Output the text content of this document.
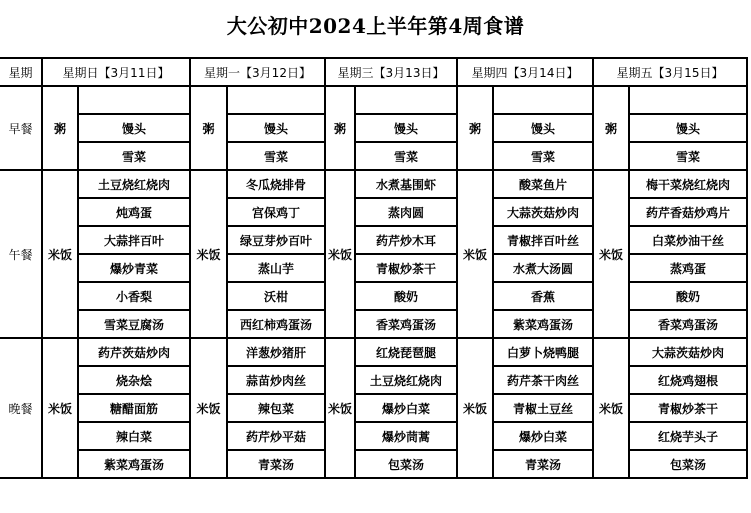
大公初中2024上半年第4周食谱
星期	星期日【3月11日】		星期一【3月12日】		星期三【3月13日】		星期四【3月14日】		星期五【3月15日】	
早餐	粥		粥		粥		粥		粥	
		馒头		馒头		馒头		馒头		馒头
		雪菜		雪菜		雪菜		雪菜		雪菜
午餐	米饭	土豆烧红烧肉	米饭	冬瓜烧排骨	米饭	水煮基围虾	米饭	酸菜鱼片	米饭	梅干菜烧红烧肉
		炖鸡蛋		宫保鸡丁		蒸肉圆		大蒜茨菇炒肉		药芹香菇炒鸡片
		大蒜拌百叶		绿豆芽炒百叶		药芹炒木耳		青椒拌百叶丝		白菜炒油干丝
		爆炒青菜		蒸山芋		青椒炒茶干		水煮大汤圆		蒸鸡蛋
		小香梨		沃柑		酸奶		香蕉		酸奶
		雪菜豆腐汤		西红柿鸡蛋汤		香菜鸡蛋汤		紫菜鸡蛋汤		香菜鸡蛋汤
晚餐	米饭	药芹茨菇炒肉	米饭	洋葱炒猪肝	米饭	红烧琵琶腿	米饭	白萝卜烧鸭腿	米饭	大蒜茨菇炒肉
		烧杂烩		蒜苗炒肉丝		土豆烧红烧肉		药芹茶干肉丝		红烧鸡翅根
		糖醋面筋		辣包菜		爆炒白菜		青椒土豆丝		青椒炒茶干
		辣白菜		药芹炒平菇		爆炒茼蒿		爆炒白菜		红烧芋头子
		紫菜鸡蛋汤		青菜汤		包菜汤		青菜汤		包菜汤
